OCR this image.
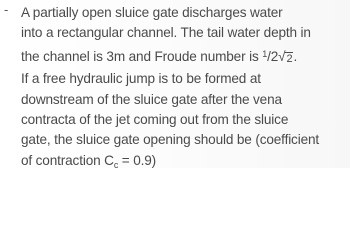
- A partially open sluice gate discharges water
into a rectangular channel. The tail water depth in
the channel is 3m and Froude number is $^1$/2√2.
If a free hydraulic jump is to be formed at
downstream of the sluice gate after the vena
contracta of the jet coming out from the sluice
gate, the sluice gate opening should be (coefficient
of contraction $C_c = 0.9$)
